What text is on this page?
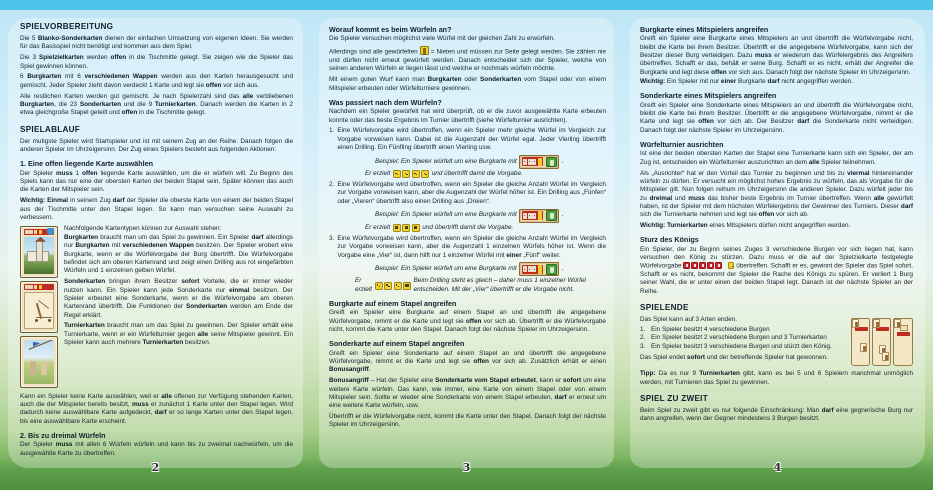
SPIELVORBEREITUNG

Die 5 Blanko-Sonderkarten dienen der einfachen Umsetzung von eigenen Ideen. Sie werden für das Basisspiel nicht benötigt und kommen aus dem Spiel.

Die 3 Spielzielkarten werden offen in die Tischmitte gelegt. Sie zeigen wie die Spieler das Spiel gewinnen können.

6 Burgkarten mit 6 verschiedenen Wappen werden aus den Karten herausgesucht und gemischt. Jeder Spieler zieht davon verdeckt 1 Karte und legt sie offen vor sich aus.

Alle restlichen Karten werden gut gemischt. Je nach Spielerzahl sind das alle verbliebenen Burgkarten, die 23 Sonderkarten und die 9 Turnierkarten. Danach werden die Karten in 2 etwa gleichgroße Stapel geteilt und offen in die Tischmitte gelegt.

SPIELABLAUF

Der mutigste Spieler wird Startspieler und ist mit seinem Zug an der Reihe. Danach folgen die anderen Spieler im Uhrzeigersinn. Der Zug eines Spielers besteht aus folgenden Aktionen:

1. Eine offen liegende Karte auswählen

Der Spieler muss 1 offen liegende Karte auswählen, um die er würfeln will. Zu Beginn des Spiels kann das nur eine der obersten Karten der beiden Stapel sein. Später können das auch die Karten der Mitspieler sein.

Wichtig: Einmal in seinem Zug darf der Spieler die oberste Karte von einem der beiden Stapel aus der Tischmitte unter den Stapel legen. So kann man versuchen seine Auswahl zu verbessern.

Nachfolgende Kartentypen können zur Auswahl stehen:

Burgkarten braucht man um das Spiel zu gewinnen. Ein Spieler darf allerdings nur Burgkarten mit verschiedenen Wappen besitzen. Der Spieler erobert eine Burgkarte, wenn er die Würfelvorgabe der Burg übertrifft. Die Würfelvorgabe befindet sich am oberen Kartenrand und zeigt einen Drilling aus rot eingefärbten Würfeln und 1 einzelnen gelben Würfel.

Sonderkarten bringen ihrem Besitzer sofort Vorteile, die er immer wieder nutzen kann. Ein Spieler kann jede Sonderkarte nur einmal besitzen. Der Spieler erbeutet eine Sonderkarte, wenn er die Würfelvorgabe am oberen Kartenrand übertrifft. Die Funktionen der Sonderkarten werden am Ende der Regel erklärt.

Turnierkarten braucht man um das Spiel zu gewinnen. Der Spieler erhält eine Turnierkarte, wenn er ein Würfelturnier gegen alle seine Mitspieler gewinnt. Ein Spieler kann auch mehrere Turnierkarten besitzen.

Kann ein Spieler keine Karte auswählen, weil er alle offenen zur Verfügung stehenden Karten, auch die der Mitspieler bereits besitzt, muss er zunächst 1 Karte unter den Stapel legen. Wird dadurch keine auswählbare Karte aufgedeckt, darf er so lange Karten unter den Stapel legen, bis eine auswählbare Karte erscheint.

2. Bis zu dreimal Würfeln

Der Spieler muss mit allen 6 Würfeln würfeln und kann bis zu zweimal nachwürfeln, um die ausgewählte Karte zu übertreffen.

2
Worauf kommt es beim Würfeln an?

Die Spieler versuchen möglichst viele Würfel mit der gleichen Zahl zu erwürfeln.

Allerdings sind alle gewürfelten = Nieten und müssen zur Seite gelegt werden. Sie zählen nie und dürfen nicht erneut gewürfelt werden. Danach entscheidet sich der Spieler, welche von seinen anderen Würfeln er liegen lässt und welche er nochmals würfeln möchte.

Mit einem guten Wurf kann man Burgkarten oder Sonderkarten vom Stapel oder von einem Mitspieler erbeuten oder Würfelturniere gewinnen.

Was passiert nach dem Würfeln?

Nachdem ein Spieler gewürfelt hat wird überprüft, ob er die zuvor ausgewählte Karte erbeuten konnte oder das beste Ergebnis im Turnier übertrifft (siehe Würfelturnier ausrichten).

1. Eine Würfelvorgabe wird übertroffen, wenn ein Spieler mehr gleiche Würfel im Vergleich zur Vorgabe vorweisen kann. Dabei ist die Augenzahl der Würfel egal. Jeder Vierling übertrifft einen Drilling. Ein Fünfling übertrifft einen Vierling usw.
Beispiel: Ein Spieler würfelt um eine Burgkarte mit	.
Er erzielt	und übertrifft damit die Vorgabe.
2. Eine Würfelvorgabe wird übertroffen, wenn ein Spieler die gleiche Anzahl Würfel im Vergleich zur Vorgabe vorweisen kann, aber die Augenzahl der Würfel höher ist. Ein Drilling aus „Fünfen“ oder „Vieren“ übertrifft also einen Drilling aus „Dreien“.
Beispiel: Ein Spieler würfelt um eine Burgkarte mit	.
Er erzielt	und übertrifft damit die Vorgabe.
3. Eine Würfelvorgabe wird übertroffen, wenn ein Spieler die gleiche Anzahl Würfel im Vergleich zur Vorgabe vorweisen kann, aber die Augenzahl 1 einzelnen Würfels höher ist. Wenn die Vorgabe eine „Vier“ ist, dann hilft nur 1 einzelner Würfel mit einer „Fünf“ weiter.
Beispiel: Ein Spieler würfelt um eine Burgkarte mit	.
Er erzielt
Beim Drilling steht es gleich – daher muss 1 einzelner Würfel entscheiden. Mit der „Vier“ übertrifft er die Vorgabe nicht.
Burgkarte auf einem Stapel angreifen

Greift ein Spieler eine Burgkarte auf einem Stapel an und übertrifft die angegebene Würfelvorgabe, nimmt er die Karte und legt sie offen vor sich ab. Übertrifft er die Würfelvorgabe nicht, kommt die Karte unter den Stapel. Danach folgt der nächste Spieler im Uhrzeigersinn.

Sonderkarte auf einem Stapel angreifen

Greift ein Spieler eine Sonderkarte auf einem Stapel an und übertrifft die angegebene Würfelvorgabe, nimmt er die Karte und legt sie offen vor sich ab. Zusätzlich erhält er einen Bonusangriff.

Bonusangriff – Hat der Spieler eine Sonderkarte vom Stapel erbeutet, kann er sofort um eine weitere Karte würfeln. Das kann, wie immer, eine Karte von einem Stapel oder von einem Mitspieler sein. Sollte er wieder eine Sonderkarte von einem Stapel erbeuten, darf er erneut um eine weitere Karte würfeln, usw.

Übertrifft er die Würfelvorgabe nicht, kommt die Karte unter den Stapel. Danach folgt der nächste Spieler im Uhrzeigersinn.

3
Burgkarte eines Mitspielers angreifen

Greift ein Spieler eine Burgkarte eines Mitspielers an und übertrifft die Würfelvorgabe nicht, bleibt die Karte bei ihrem Besitzer. Übertrifft er die angegebene Würfelvorgabe, kann sich der Besitzer dieser Burg verteidigen. Dazu muss er wiederum das Würfelergebnis des Angreifers übertreffen. Schafft er das, behält er seine Burg. Schafft er es nicht, erhält der Angreifer die Burgkarte und legt diese offen vor sich aus. Danach folgt der nächste Spieler im Uhrzeigersinn.

Wichtig: Ein Spieler mit nur einer Burgkarte darf nicht angegriffen werden.

Sonderkarte eines Mitspielers angreifen

Greift ein Spieler eine Sonderkarte eines Mitspielers an und übertrifft die Würfelvorgabe nicht, bleibt die Karte bei ihrem Besitzer. Übertrifft er die angegebene Würfelvorgabe, nimmt er die Karte und legt sie offen vor sich ab. Der Besitzer darf die Sonderkarte nicht verteidigen. Danach folgt der nächste Spieler im Uhrzeigersinn.

Würfelturnier ausrichten

Ist eine der beiden obersten Karten der Stapel eine Turnierkarte kann sich ein Spieler, der am Zug ist, entscheiden ein Würfelturnier auszurichten an dem alle Spieler teilnehmen.

Als „Ausrichter“ hat er den Vorteil das Turnier zu beginnen und bis zu viermal hintereinander würfeln zu dürfen. Er versucht ein möglichst hohes Ergebnis zu würfeln, das als Vorgabe für die Mitspieler gilt. Nun folgen reihum im Uhrzeigersinn die anderen Spieler. Dazu würfelt jeder bis zu dreimal und muss das bisher beste Ergebnis im Turnier übertreffen. Wenn alle gewürfelt haben, ist der Spieler mit dem höchsten Würfelergebnis der Gewinner des Turniers. Dieser darf sich die Turnierkarte nehmen und legt sie offen vor sich ab.

Wichtig: Turnierkarten eines Mitspielers dürfen nicht angegriffen werden.

Sturz des Königs

Ein Spieler, der zu Beginn seines Zuges 3 verschiedene Burgen vor sich liegen hat, kann versuchen den König zu stürzen. Dazu muss er die auf der Spielzielkarte festgelegte Würfelvorgabe	übertreffen. Schafft er es, gewinnt der Spieler das Spiel sofort. Schafft er es nicht, bekommt der Spieler die Rache des Königs zu spüren. Er verliert 1 Burg seiner Wahl, die er unter einen der beiden Stapel legt. Danach ist der nächste Spieler an der Reihe.

SPIELENDE

Das Spiel kann auf 3 Arten enden.

1. Ein Spieler besitzt 4 verschiedene Burgen
2. Ein Spieler besitzt 2 verschiedene Burgen und 3 Turnierkarten
3. Ein Spieler besitzt 3 verschiedene Burgen und stürzt den König.

Das Spiel endet sofort und der betreffende Spieler hat gewonnen.

Tipp: Da es nur 9 Turnierkarten gibt, kann es bei 5 und 6 Spielern manchmal unmöglich werden, mit Turnieren das Spiel zu gewinnen.

SPIEL ZU ZWEIT

Beim Spiel zu zweit gibt es nur folgende Einschränkung: Man darf eine gegnerische Burg nur dann angreifen, wenn der Gegner mindestens 3 Burgen besitzt.

4
